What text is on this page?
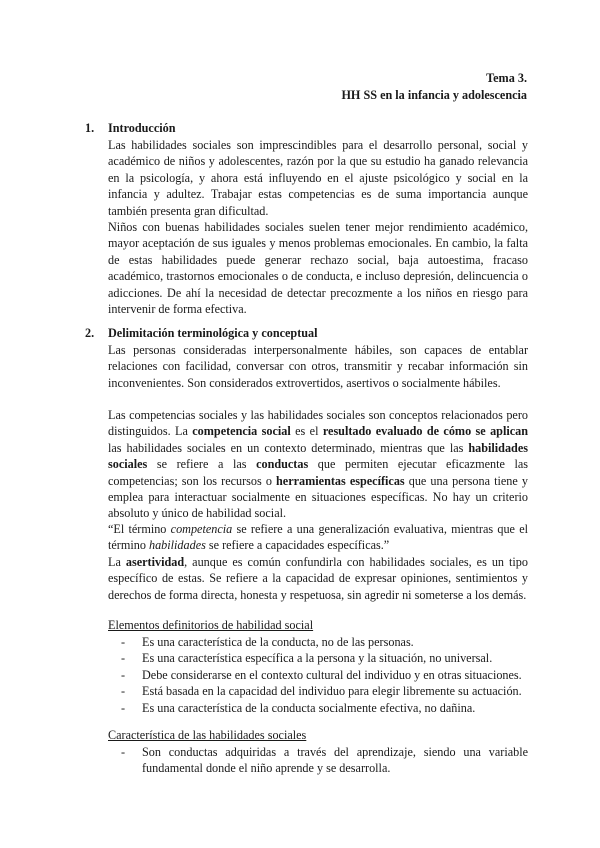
Tema 3.
HH SS en la infancia y adolescencia
1. Introducción

Las habilidades sociales son imprescindibles para el desarrollo personal, social y académico de niños y adolescentes, razón por la que su estudio ha ganado relevancia en la psicología, y ahora está influyendo en el ajuste psicológico y social en la infancia y adultez. Trabajar estas competencias es de suma importancia aunque también presenta gran dificultad.

Niños con buenas habilidades sociales suelen tener mejor rendimiento académico, mayor aceptación de sus iguales y menos problemas emocionales. En cambio, la falta de estas habilidades puede generar rechazo social, baja autoestima, fracaso académico, trastornos emocionales o de conducta, e incluso depresión, delincuencia o adicciones. De ahí la necesidad de detectar precozmente a los niños en riesgo para intervenir de forma efectiva.

2. Delimitación terminológica y conceptual

Las personas consideradas interpersonalmente hábiles, son capaces de entablar relaciones con facilidad, conversar con otros, transmitir y recabar información sin inconvenientes. Son considerados extrovertidos, asertivos o socialmente hábiles.

Las competencias sociales y las habilidades sociales son conceptos relacionados pero distinguidos. La competencia social es el resultado evaluado de cómo se aplican las habilidades sociales en un contexto determinado, mientras que las habilidades sociales se refiere a las conductas que permiten ejecutar eficazmente las competencias; son los recursos o herramientas específicas que una persona tiene y emplea para interactuar socialmente en situaciones específicas. No hay un criterio absoluto y único de habilidad social.

“El término competencia se refiere a una generalización evaluativa, mientras que el término habilidades se refiere a capacidades específicas.”

La asertividad, aunque es común confundirla con habilidades sociales, es un tipo específico de estas. Se refiere a la capacidad de expresar opiniones, sentimientos y derechos de forma directa, honesta y respetuosa, sin agredir ni someterse a los demás.

Elementos definitorios de habilidad social
- Es una característica de la conducta, no de las personas.
- Es una característica específica a la persona y la situación, no universal.
- Debe considerarse en el contexto cultural del individuo y en otras situaciones.
- Está basada en la capacidad del individuo para elegir libremente su actuación.
- Es una característica de la conducta socialmente efectiva, no dañina.
Característica de las habilidades sociales
- Son conductas adquiridas a través del aprendizaje, siendo una variable fundamental donde el niño aprende y se desarrolla.
